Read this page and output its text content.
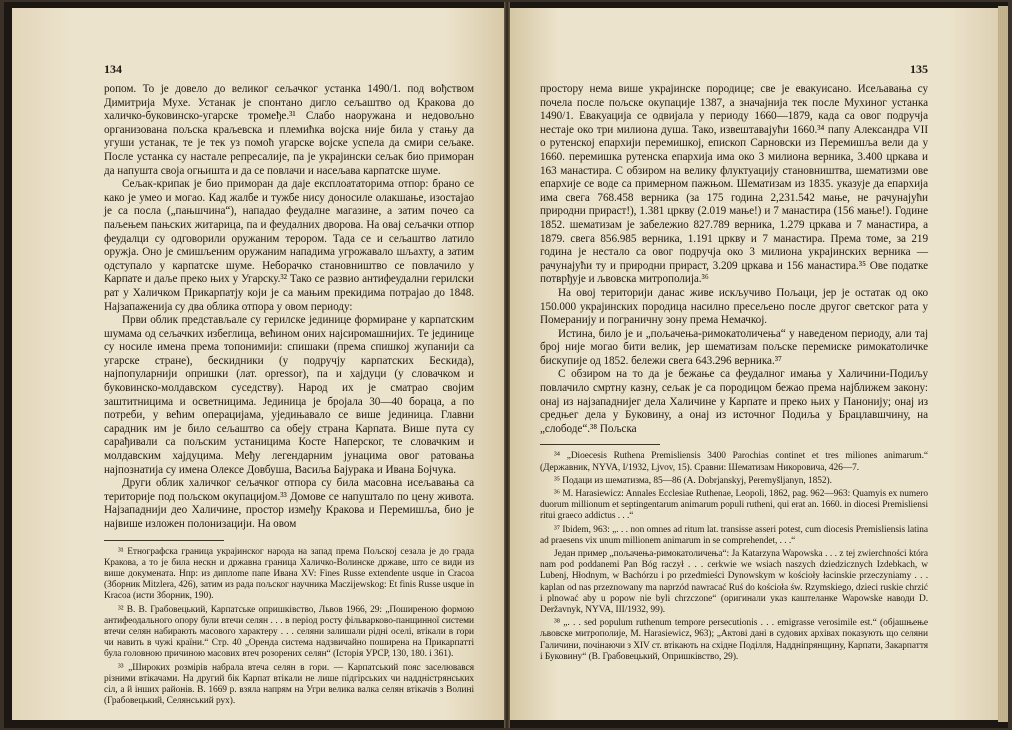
134

ропом. То је довело до великог сељачког устанка 1490/1. под вођством Димитрија Мухе. Устанак је спонтано дигло сељаштво од Кракова до халичко-буковинско-угарске тромеђе.³¹ Слабо наоружана и недовољно организована пољска краљевска и племићка војска није била у стању да угуши устанак, те је тек уз помоћ угарске војске успела да смири сељаке. После устанка су настале репресалије, па је украјински сељак био приморан да напушта своја огњишта и да се повлачи и насељава карпатске шуме.

Сељак-крипак је био приморан да даје експлоататорима отпор: брано се како је умео и могао. Кад жалбе и тужбе нису доносиле олакшање, изостајао је са посла („пањшчина“), нападао феудалне магазине, а затим почео са паљењем пањских житарица, па и феудалних дворова. На овај сељачки отпор феудалци су одговорили оружаним терором. Тада се и сељаштво латило оружја. Оно је смишљеним оружаним нападима угрожавало шљахту, а затим одступало у карпатске шуме. Неборачко становништво се повлачило у Карпате и даље преко њих у Угарску.³² Тако се развио антифеудални герилски рат у Халичком Прикарпатју који је са мањим прекидима потрајао до 1848. Најзапаженија су два облика отпора у овом периоду:

Први облик представљале су герилске јединице формиране у карпатским шумама од сељачких избеглица, већином оних најсиромашнијих. Те јединице су носиле имена према топонимији: спишаки (према спишкој жупанији са угарске стране), бескидники (у подручју карпатских Бескида), најпопуларнији опришки (лат. opressor), па и хајдуци (у словачком и буковинско-молдавском суседству). Народ их је сматрао својим заштитницима и осветницима. Јединица је бројала 30—40 бораца, а по потреби, у већим операцијама, уједињавало се више јединица. Главни сарадник им је било сељаштво са обеју страна Карпата. Више пута су сарађивали са пољским устаницима Косте Наперског, те словачким и молдавским хајдуцима. Међу легендарним јунацима овог ратовања најпознатија су имена Олексе Довбуша, Васиља Бајурака и Ивана Бојчука.

Други облик халичког сељачког отпора су била масовна исељавања са територије под пољском окупацијом.³³ Домове се напуштало по цену живота. Најзападнији део Халичине, простор између Кракова и Перемишља, био је највише изложен полонизацији. На овом

³¹ Етнографска граница украјинског народа на запад према Пољској сезала је до града Кракова, а то је била нескн и државна граница Халичко-Волинске државе, што се види из више докумената. Нпр: из диплome папе Ивана XV: Fines Russe extendente usque in Cracoa (Зборник Mitzlera, 426), затим из рада пољског научника Maczijewskog: Et finis Russe usque in Kracoa (исти Зборник, 190).

³² В. В. Грабовецький, Карпатське опришківство, Львов 1966, 29: „Поширеною формою антифеодального опору були втечи селян . . . в період росту фільварково-панщинної системи втечи селян набирають масового характеру . . . селяни залишали рідні оселі, втікали в гори чи навить в чужі країни.“ Стр. 40 „Оренда система надзвичайно поширена на Прикарпатті була головною причиною масових втеч розорених селян“ (Історія УРСР, 130, 180. і 361).

³³ „Широких розмірів набрала втеча селян в гори. — Карпатський пояс заселювався різними втікачами. На другий бік Карпат втікали не лише підгірських чи наддністрянських сіл, а й інших районів. В. 1669 р. взяла напрям на Угри велика валка селян втікачів з Волині (Грабовецький, Селянський рух).

135

простору нема више украјинске породице; све је евакуисано. Исељавања су почела после пољске окупације 1387, а значајнија тек после Мухиног устанка 1490/1. Евакуација се одвијала у периоду 1660—1879, када са овог подручја нестаје око три милиона душа. Тако, извештавајући 1660.³⁴ папу Александра VII о рутенској епархији перемишкој, епископ Сарновски из Перемишља вели да у 1660. перемишка рутенска епархија има око 3 милиона верника, 3.400 цркава и 163 манастира. С обзиром на велику флуктуацију становништва, шематизми ове епархије се воде са примерном пажњом. Шематизам из 1835. указује да епархија има свега 768.458 верника (за 175 година 2,231.542 мање, не рачунајући природни прираст!), 1.381 цркву (2.019 мање!) и 7 манастира (156 мање!). Године 1852. шематизам је забележио 827.789 верника, 1.279 цркава и 7 манастира, а 1879. свега 856.985 верника, 1.191 цркву и 7 манастира. Према томе, за 219 година је нестало са овог подручја око 3 милиона украјинских верника — рачунајући ту и природни прираст, 3.209 цркава и 156 манастира.³⁵ Ове податке потврђује и љвовска митрополија.³⁶

На овој територији данас живе искључиво Пољаци, јер је остатак од око 150.000 украјинских породица насилно пресељено после другог светског рата у Померанију и пограничну зону према Немачкој.

Истина, било је и „пољачења-римокатоличења“ у наведеном периоду, али тај број није могао бити велик, јер шематизам пољске перемиске римокатоличке бискупије од 1852. бележи свега 643.296 верника.³⁷

С обзиром на то да је бежање са феудалног имања у Халичини-Подиљу повлачило смртну казну, сељак је са породицом бежао према најближем закону: онај из најзападнијег дела Халичине у Карпате и преко њих у Панонију; онај из средњег дела у Буковину, а онај из источног Подиља у Брацлавшчину, на „слободе“.³⁸ Пољска

³⁴ „Dioecesis Ruthena Premisliensis 3400 Parochias continet et tres miliones animarum.“ (Державник, NYVA, I/1932, Ljvov, 15). Сравни: Шематизам Никоровича, 426—7.

³⁵ Подаци из шематизма, 85—86 (А. Dobrjanskyj, Peremyšljanyn, 1852).

³⁶ M. Harasiewicz: Annales Ecclesiae Ruthenae, Leopoli, 1862, pag. 962—963: Quamyis ex numero duorum millionum et septingentarum animarum populi rutheni, qui erat an. 1660. in diocesi Premisliensi ritui graeco addictus . . .“

³⁷ Ibidem, 963: „. . . non omnes ad ritum lat. transisse asseri potest, cum diocesis Premisliensis latina ad praesens vix unum millionem animarum in se comprehendet, . . .“

Један пример „пољачења-римокатоличења“: Ja Katarzyna Wapowska . . . z tej zwierchności która nam pod poddanemi Pan Bóg raczył . . . cerkwie we wsiach naszych dziedzicznych Izdebkach, w Lubenj, Hłodnym, w Bachórzu i po przedmieści Dynowskym w kościoły łacinskie przeczyniamy . . . kaplan od nas przeznowany ma naprzód nawracać Ruś do kościoła św. Rzymskiego, dzieci ruskie chrzić i plnować aby u popow nie byli chrzczone“ (оригинали указ каштеланке Wapowske наводи D. Deržavnyk, NYVA, III/1932, 99).

³⁸ „. . . sed populum ruthenum tempore persecutionis . . . emigrasse verosimile est.“ (објашњење љвовске митрополије, M. Harasiewicz, 963); „Актові дані в судових архівах показують що селяни Галичини, почінаючи з XIV ст. втікають на східне Поділля, Наддніпрянщину, Карпати, Закарпаття і Буковину“ (В. Грабовецький, Опришківство, 29).
